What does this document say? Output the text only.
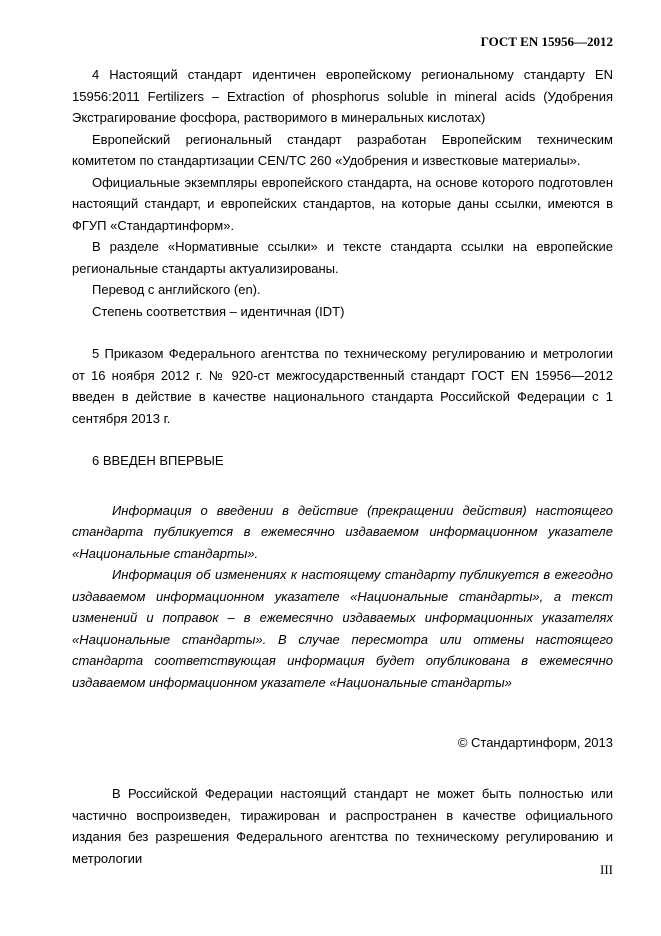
ГОСТ EN 15956—2012

4 Настоящий стандарт идентичен европейскому региональному стандарту EN 15956:2011 Fertilizers – Extraction of phosphorus soluble in mineral acids (Удобрения Экстрагирование фосфора, растворимого в минеральных кислотах)

Европейский региональный стандарт разработан Европейским техническим комитетом по стандартизации CEN/TC 260 «Удобрения и известковые материалы».

Официальные экземпляры европейского стандарта, на основе которого подготовлен настоящий стандарт, и европейских стандартов, на которые даны ссылки, имеются в ФГУП «Стандартинформ».

В разделе «Нормативные ссылки» и тексте стандарта ссылки на европейские региональные стандарты актуализированы.

Перевод с английского (en).

Степень соответствия – идентичная (IDT)

5 Приказом Федерального агентства по техническому регулированию и метрологии от 16 ноября 2012 г. № 920-ст межгосударственный стандарт ГОСТ EN 15956—2012 введен в действие в качестве национального стандарта Российской Федерации с 1 сентября 2013 г.

6 ВВЕДЕН ВПЕРВЫЕ

Информация о введении в действие (прекращении действия) настоящего стандарта публикуется в ежемесячно издаваемом информационном указателе «Национальные стандарты».

Информация об изменениях к настоящему стандарту публикуется в ежегодно издаваемом информационном указателе «Национальные стандарты», а текст изменений и поправок – в ежемесячно издаваемых информационных указателях «Национальные стандарты». В случае пересмотра или отмены настоящего стандарта соответствующая информация будет опубликована в ежемесячно издаваемом информационном указателе «Национальные стандарты»

© Стандартинформ, 2013

В Российской Федерации настоящий стандарт не может быть полностью или частично воспроизведен, тиражирован и распространен в качестве официального издания без разрешения Федерального агентства по техническому регулированию и метрологии

III
